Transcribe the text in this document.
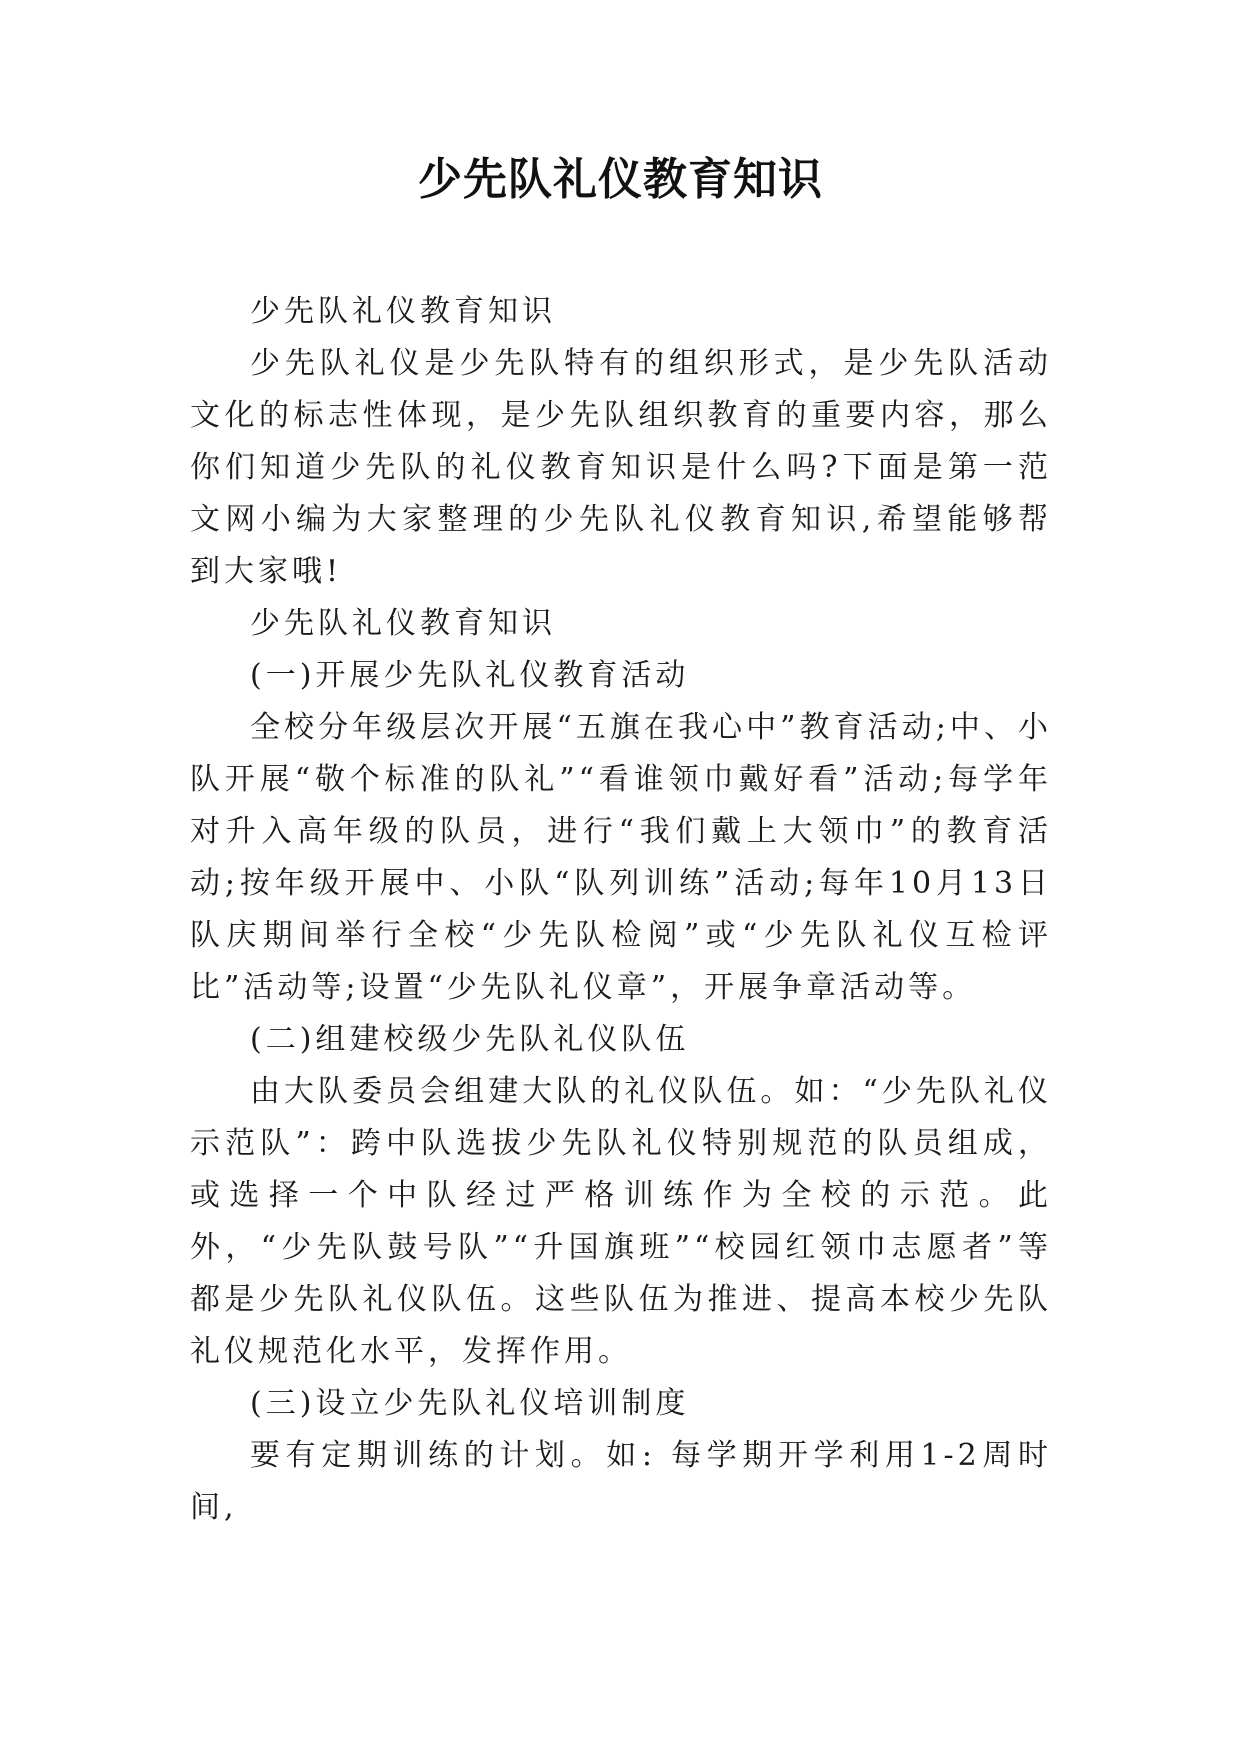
少先队礼仪教育知识

少先队礼仪教育知识

少先队礼仪是少先队特有的组织形式，是少先队活动文化的标志性体现，是少先队组织教育的重要内容，那么你们知道少先队的礼仪教育知识是什么吗?下面是第一范文网小编为大家整理的少先队礼仪教育知识,希望能够帮到大家哦!

少先队礼仪教育知识

(一)开展少先队礼仪教育活动

全校分年级层次开展“五旗在我心中”教育活动;中、小队开展“敬个标准的队礼”“看谁领巾戴好看”活动;每学年对升入高年级的队员，进行“我们戴上大领巾”的教育活动;按年级开展中、小队“队列训练”活动;每年10月13日队庆期间举行全校“少先队检阅”或“少先队礼仪互检评比”活动等;设置“少先队礼仪章”，开展争章活动等。

(二)组建校级少先队礼仪队伍

由大队委员会组建大队的礼仪队伍。如：“少先队礼仪示范队”：跨中队选拔少先队礼仪特别规范的队员组成，或选择一个中队经过严格训练作为全校的示范。此外，“少先队鼓号队”“升国旗班”“校园红领巾志愿者”等都是少先队礼仪队伍。这些队伍为推进、提高本校少先队礼仪规范化水平，发挥作用。

(三)设立少先队礼仪培训制度

要有定期训练的计划。如: 每学期开学利用1-2周时间,
